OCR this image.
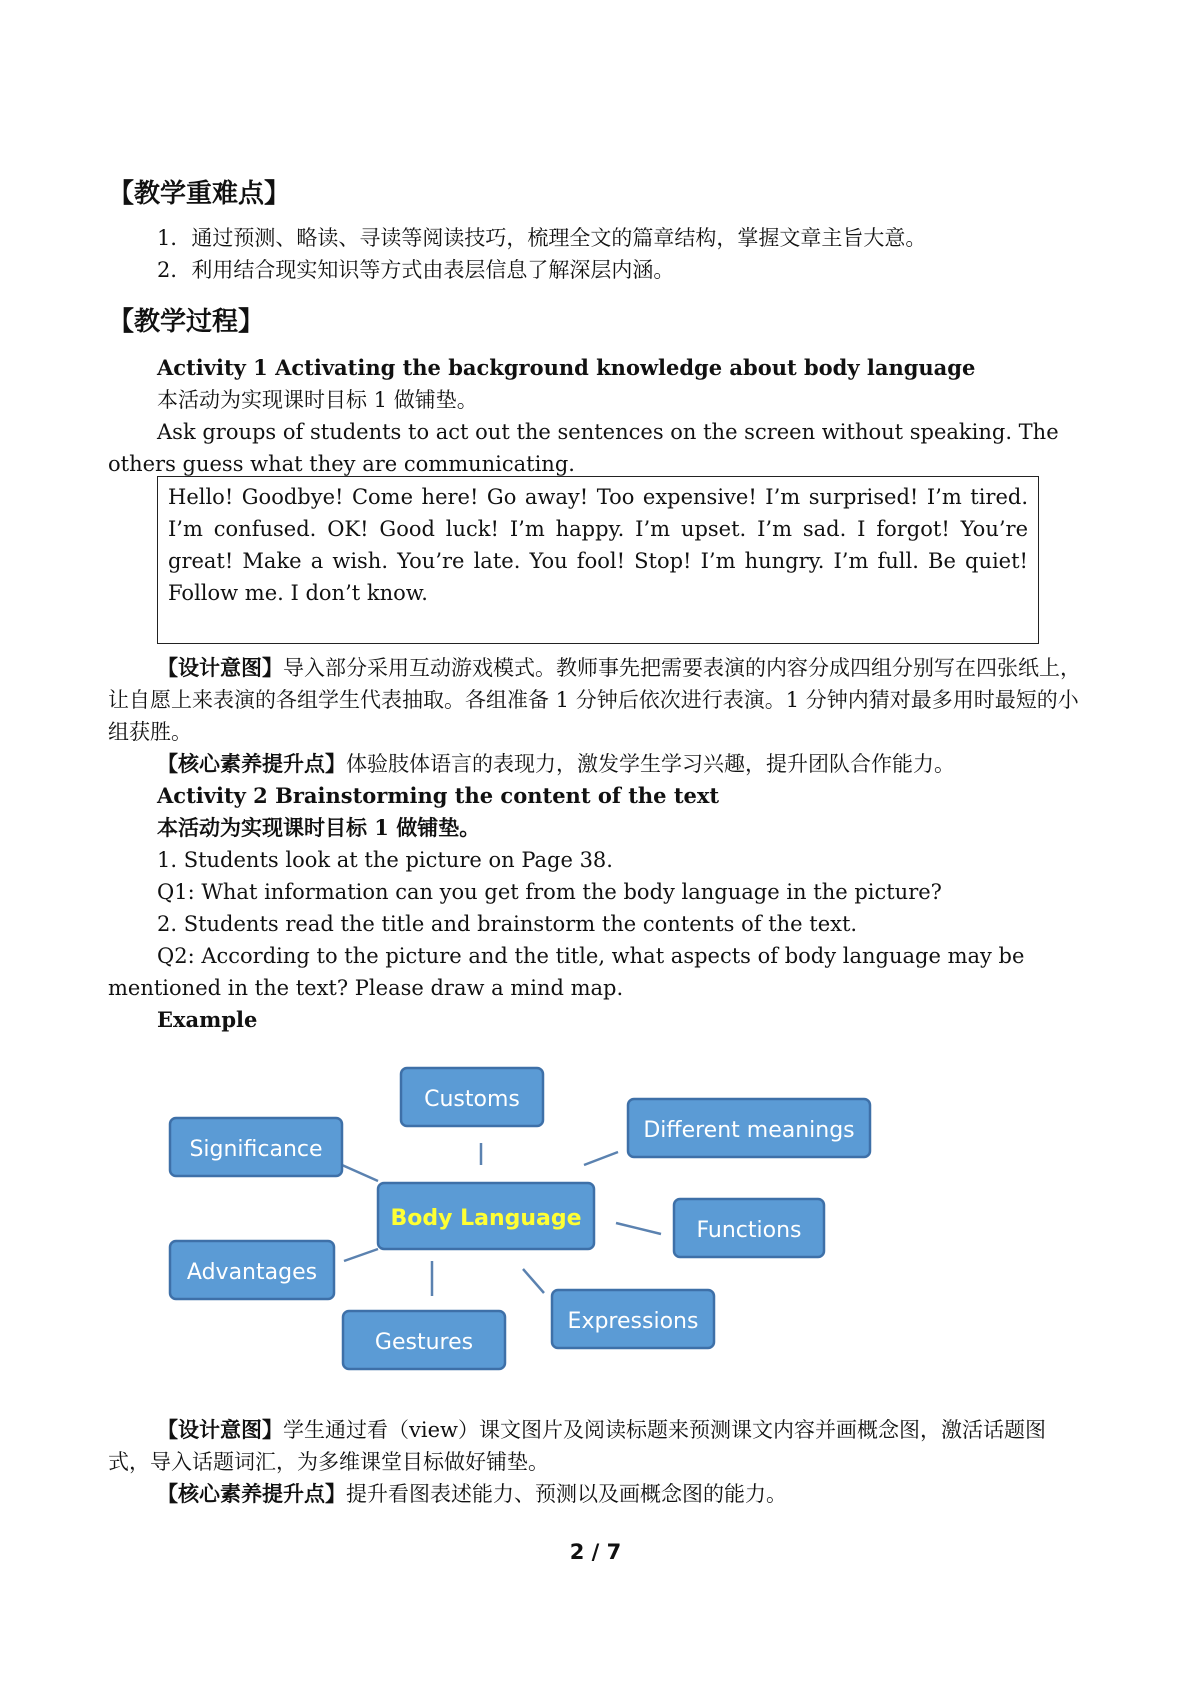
【教学重难点】

1．通过预测、略读、寻读等阅读技巧，梳理全文的篇章结构，掌握文章主旨大意。

2．利用结合现实知识等方式由表层信息了解深层内涵。

【教学过程】

Activity 1 Activating the background knowledge about body language

本活动为实现课时目标 1 做铺垫。

Ask groups of students to act out the sentences on the screen without speaking. The others guess what they are communicating.

Hello! Goodbye! Come here! Go away! Too expensive! I’m surprised! I’m tired. I’m confused. OK! Good luck! I’m happy. I’m upset. I’m sad. I forgot! You’re great! Make a wish. You’re late. You fool! Stop! I’m hungry. I’m full. Be quiet! Follow me. I don’t know.

【设计意图】导入部分采用互动游戏模式。教师事先把需要表演的内容分成四组分别写在四张纸上，让自愿上来表演的各组学生代表抽取。各组准备 1 分钟后依次进行表演。1 分钟内猜对最多用时最短的小组获胜。

【核心素养提升点】体验肢体语言的表现力，激发学生学习兴趣，提升团队合作能力。

Activity 2 Brainstorming the content of the text

本活动为实现课时目标 1 做铺垫。

1. Students look at the picture on Page 38.

Q1: What information can you get from the body language in the picture?

2. Students read the title and brainstorm the contents of the text.

Q2: According to the picture and the title, what aspects of body language may be mentioned in the text? Please draw a mind map.

Example

Customs
Different meanings
Significance
Body Language	Functions
Advantages
Expressions
Gestures

【设计意图】学生通过看（view）课文图片及阅读标题来预测课文内容并画概念图，激活话题图式，导入话题词汇，为多维课堂目标做好铺垫。

【核心素养提升点】提升看图表述能力、预测以及画概念图的能力。

2 / 7
